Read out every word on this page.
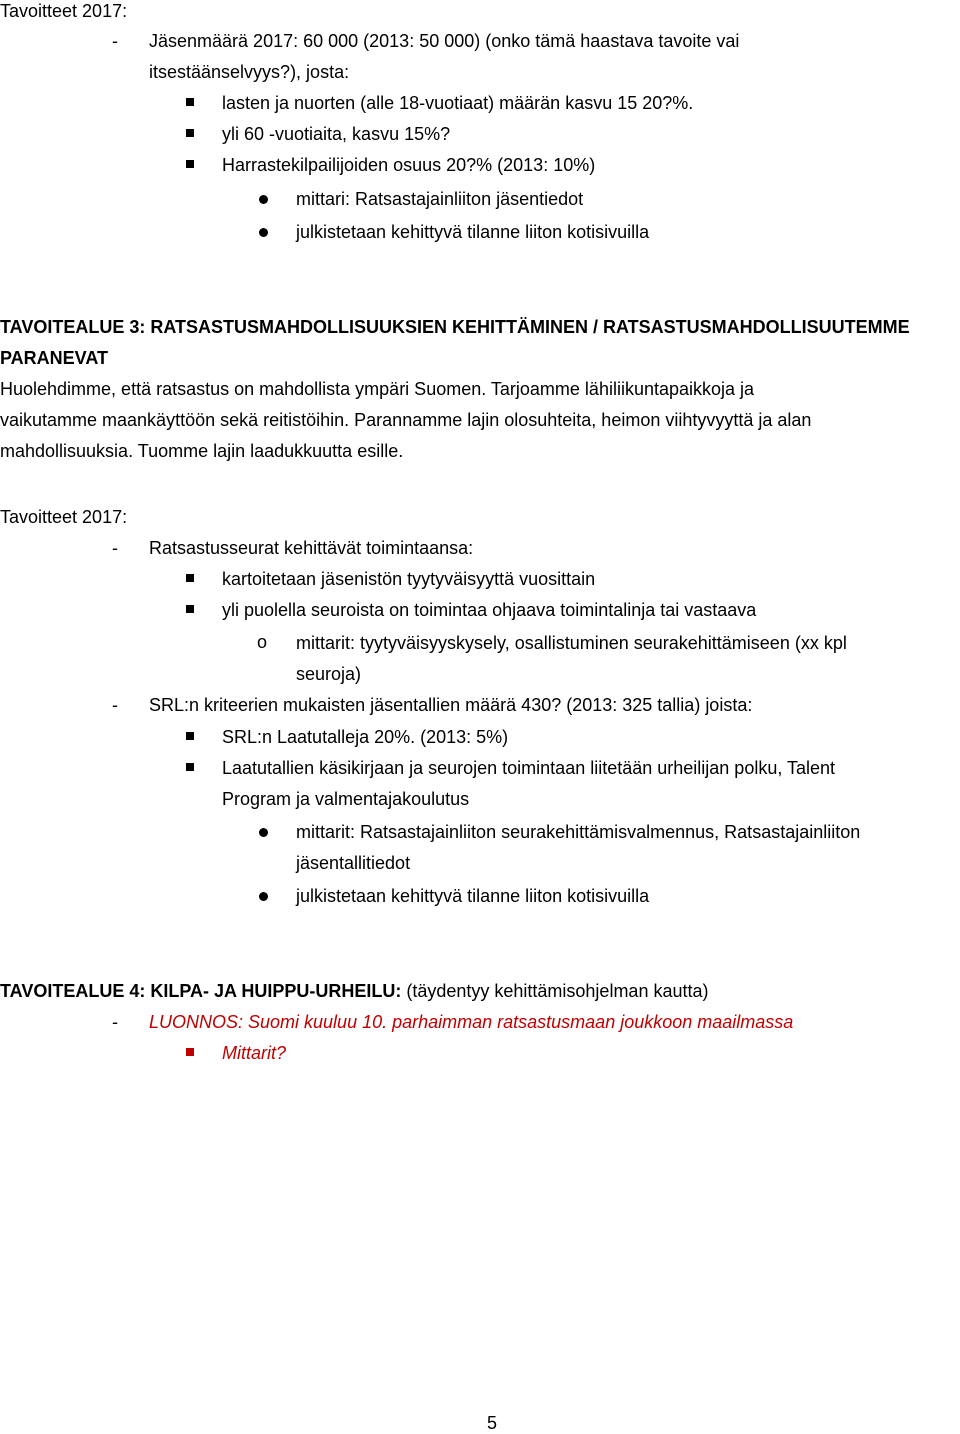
Tavoitteet 2017:
- Jäsenmäärä 2017: 60 000 (2013: 50 000) (onko tämä haastava tavoite vai
itsestäänselvyys?), josta:
lasten ja nuorten (alle 18-vuotiaat) määrän kasvu 15 20?%.
yli 60 -vuotiaita, kasvu 15%?
Harrastekilpailijoiden osuus 20?% (2013: 10%)
mittari: Ratsastajainliiton jäsentiedot
julkistetaan kehittyvä tilanne liiton kotisivuilla
TAVOITEALUE 3: RATSASTUSMAHDOLLISUUKSIEN KEHITTÄMINEN / RATSASTUSMAHDOLLISUUTEMME
PARANEVAT
Huolehdimme, että ratsastus on mahdollista ympäri Suomen. Tarjoamme lähiliikuntapaikkoja ja
vaikutamme maankäyttöön sekä reitistöihin. Parannamme lajin olosuhteita, heimon viihtyvyyttä ja alan
mahdollisuuksia. Tuomme lajin laadukkuutta esille.
Tavoitteet 2017:
- Ratsastusseurat kehittävät toimintaansa:
kartoitetaan jäsenistön tyytyväisyyttä vuosittain
yli puolella seuroista on toimintaa ohjaava toimintalinja tai vastaava
o mittarit: tyytyväisyyskysely, osallistuminen seurakehittämiseen (xx kpl
seuroja)
- SRL:n kriteerien mukaisten jäsentallien määrä 430? (2013: 325 tallia) joista:
SRL:n Laatutalleja 20%. (2013: 5%)
Laatutallien käsikirjaan ja seurojen toimintaan liitetään urheilijan polku, Talent
Program ja valmentajakoulutus
mittarit: Ratsastajainliiton seurakehittämisvalmennus, Ratsastajainliiton
jäsentallitiedot
julkistetaan kehittyvä tilanne liiton kotisivuilla
TAVOITEALUE 4: KILPA- JA HUIPPU-URHEILU: (täydentyy kehittämisohjelman kautta)
- LUONNOS: Suomi kuuluu 10. parhaimman ratsastusmaan joukkoon maailmassa
Mittarit?
5
